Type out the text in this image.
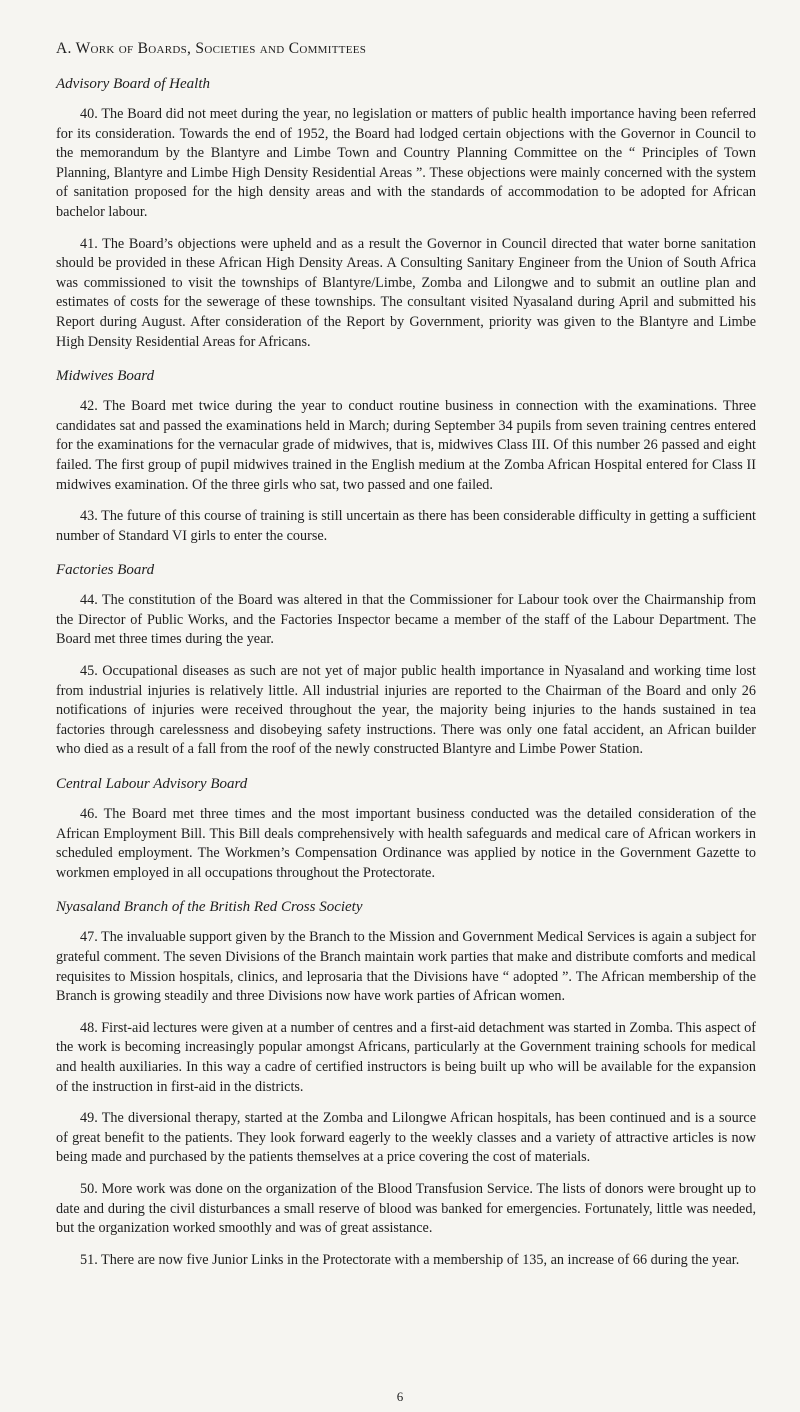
A. Work of Boards, Societies and Committees
Advisory Board of Health

40. The Board did not meet during the year, no legislation or matters of public health importance having been referred for its consideration. Towards the end of 1952, the Board had lodged certain objections with the Governor in Council to the memorandum by the Blantyre and Limbe Town and Country Planning Committee on the “ Principles of Town Planning, Blantyre and Limbe High Density Residential Areas ”. These objections were mainly concerned with the system of sanitation proposed for the high density areas and with the standards of accommodation to be adopted for African bachelor labour.

41. The Board’s objections were upheld and as a result the Governor in Council directed that water borne sanitation should be provided in these African High Density Areas. A Consulting Sanitary Engineer from the Union of South Africa was commissioned to visit the townships of Blantyre/Limbe, Zomba and Lilongwe and to submit an outline plan and estimates of costs for the sewerage of these townships. The consultant visited Nyasaland during April and submitted his Report during August. After consideration of the Report by Government, priority was given to the Blantyre and Limbe High Density Residential Areas for Africans.

Midwives Board

42. The Board met twice during the year to conduct routine business in connection with the examinations. Three candidates sat and passed the examinations held in March; during September 34 pupils from seven training centres entered for the examinations for the vernacular grade of midwives, that is, midwives Class III. Of this number 26 passed and eight failed. The first group of pupil midwives trained in the English medium at the Zomba African Hospital entered for Class II midwives examination. Of the three girls who sat, two passed and one failed.

43. The future of this course of training is still uncertain as there has been considerable difficulty in getting a sufficient number of Standard VI girls to enter the course.

Factories Board

44. The constitution of the Board was altered in that the Commissioner for Labour took over the Chairmanship from the Director of Public Works, and the Factories Inspector became a member of the staff of the Labour Department. The Board met three times during the year.

45. Occupational diseases as such are not yet of major public health importance in Nyasaland and working time lost from industrial injuries is relatively little. All industrial injuries are reported to the Chairman of the Board and only 26 notifications of injuries were received throughout the year, the majority being injuries to the hands sustained in tea factories through carelessness and disobeying safety instructions. There was only one fatal accident, an African builder who died as a result of a fall from the roof of the newly constructed Blantyre and Limbe Power Station.

Central Labour Advisory Board

46. The Board met three times and the most important business conducted was the detailed consideration of the African Employment Bill. This Bill deals comprehensively with health safeguards and medical care of African workers in scheduled employment. The Workmen’s Compensation Ordinance was applied by notice in the Government Gazette to workmen employed in all occupations throughout the Protectorate.

Nyasaland Branch of the British Red Cross Society

47. The invaluable support given by the Branch to the Mission and Government Medical Services is again a subject for grateful comment. The seven Divisions of the Branch maintain work parties that make and distribute comforts and medical requisites to Mission hospitals, clinics, and leprosaria that the Divisions have “ adopted ”. The African membership of the Branch is growing steadily and three Divisions now have work parties of African women.

48. First-aid lectures were given at a number of centres and a first-aid detachment was started in Zomba. This aspect of the work is becoming increasingly popular amongst Africans, particularly at the Government training schools for medical and health auxiliaries. In this way a cadre of certified instructors is being built up who will be available for the expansion of the instruction in first-aid in the districts.

49. The diversional therapy, started at the Zomba and Lilongwe African hospitals, has been continued and is a source of great benefit to the patients. They look forward eagerly to the weekly classes and a variety of attractive articles is now being made and purchased by the patients themselves at a price covering the cost of materials.

50. More work was done on the organization of the Blood Transfusion Service. The lists of donors were brought up to date and during the civil disturbances a small reserve of blood was banked for emergencies. Fortunately, little was needed, but the organization worked smoothly and was of great assistance.

51. There are now five Junior Links in the Protectorate with a membership of 135, an increase of 66 during the year.

6
